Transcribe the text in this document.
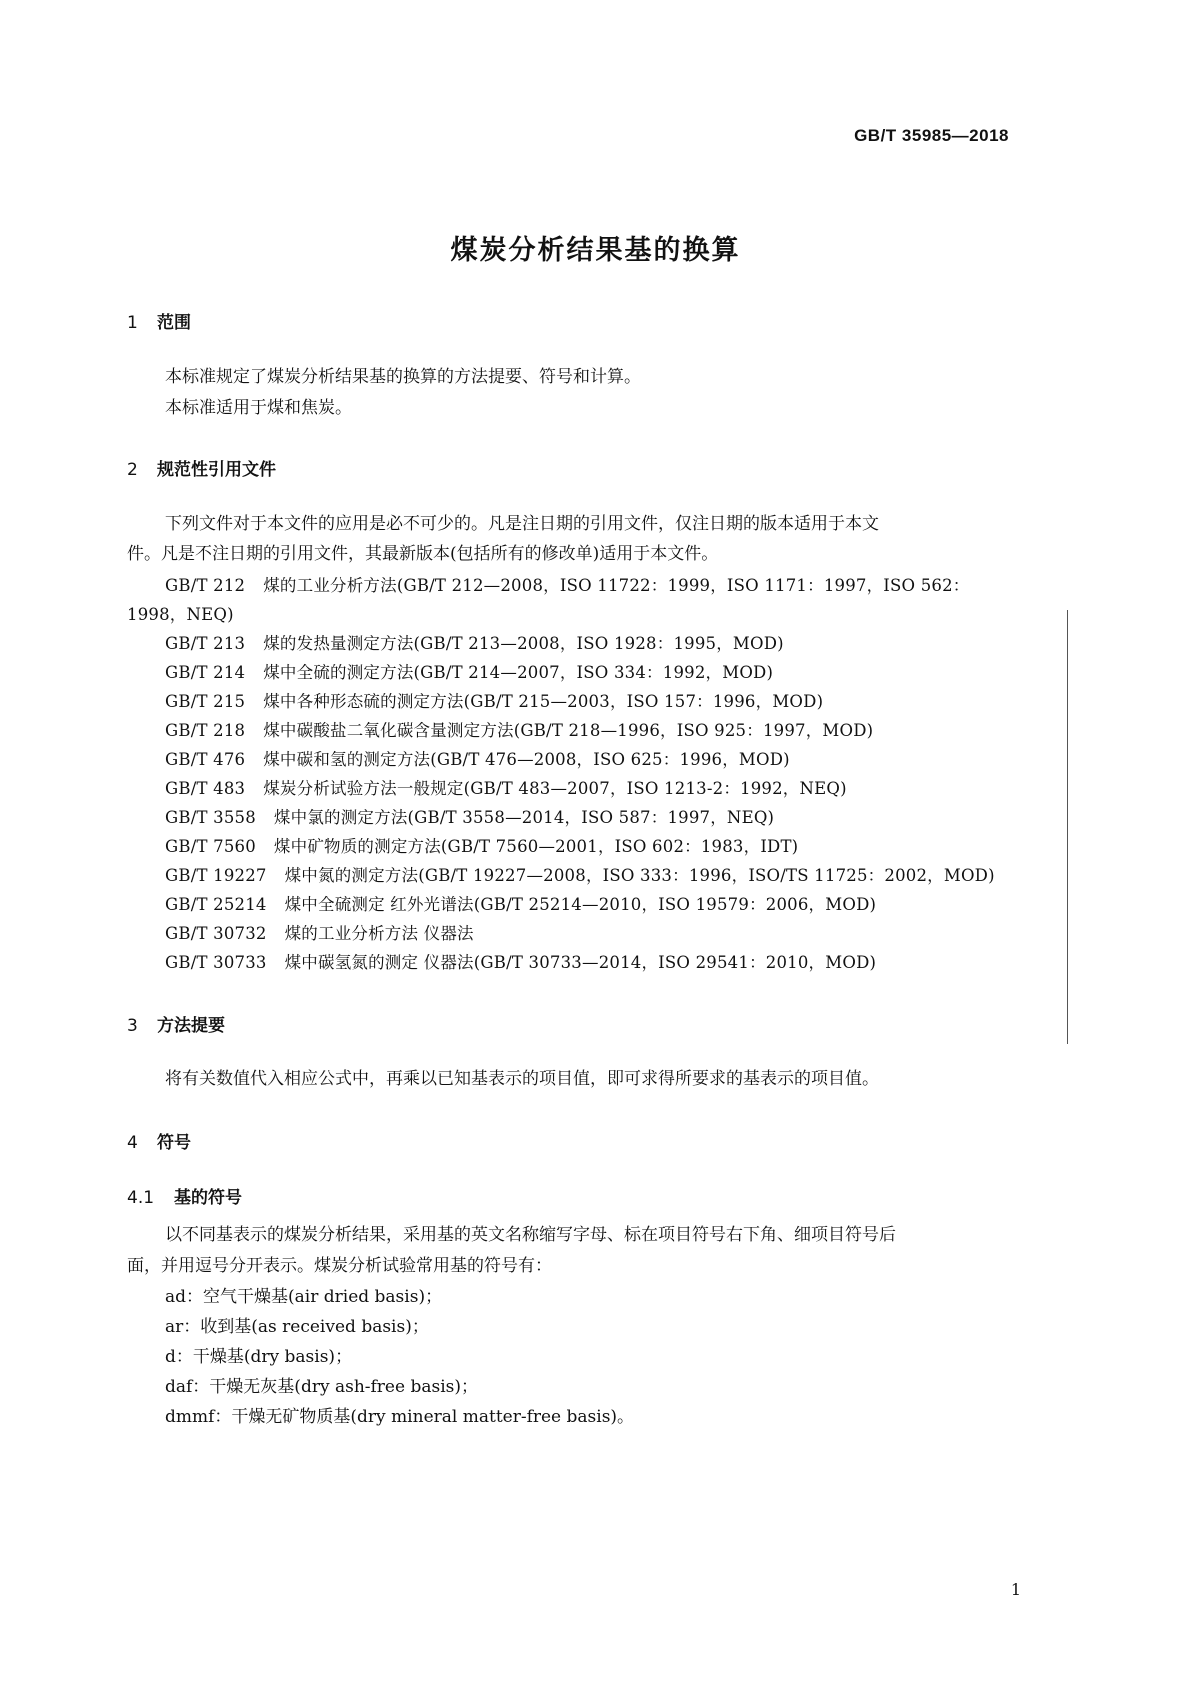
GB/T 35985—2018
煤炭分析结果基的换算
1 范围
本标准规定了煤炭分析结果基的换算的方法提要、符号和计算。
本标准适用于煤和焦炭。
2 规范性引用文件
下列文件对于本文件的应用是必不可少的。凡是注日期的引用文件，仅注日期的版本适用于本文
件。凡是不注日期的引用文件，其最新版本(包括所有的修改单)适用于本文件。
GB/T 212 煤的工业分析方法(GB/T 212—2008，ISO 11722：1999，ISO 1171：1997，ISO 562：
1998，NEQ)
GB/T 213 煤的发热量测定方法(GB/T 213—2008，ISO 1928：1995，MOD)
GB/T 214 煤中全硫的测定方法(GB/T 214—2007，ISO 334：1992，MOD)
GB/T 215 煤中各种形态硫的测定方法(GB/T 215—2003，ISO 157：1996，MOD)
GB/T 218 煤中碳酸盐二氧化碳含量测定方法(GB/T 218—1996，ISO 925：1997，MOD)
GB/T 476 煤中碳和氢的测定方法(GB/T 476—2008，ISO 625：1996，MOD)
GB/T 483 煤炭分析试验方法一般规定(GB/T 483—2007，ISO 1213-2：1992，NEQ)
GB/T 3558 煤中氯的测定方法(GB/T 3558—2014，ISO 587：1997，NEQ)
GB/T 7560 煤中矿物质的测定方法(GB/T 7560—2001，ISO 602：1983，IDT)
GB/T 19227 煤中氮的测定方法(GB/T 19227—2008，ISO 333：1996，ISO/TS 11725：2002，MOD)
GB/T 25214 煤中全硫测定 红外光谱法(GB/T 25214—2010，ISO 19579：2006，MOD)
GB/T 30732 煤的工业分析方法 仪器法
GB/T 30733 煤中碳氢氮的测定 仪器法(GB/T 30733—2014，ISO 29541：2010，MOD)
3 方法提要
将有关数值代入相应公式中，再乘以已知基表示的项目值，即可求得所要求的基表示的项目值。
4 符号
4.1 基的符号
以不同基表示的煤炭分析结果，采用基的英文名称缩写字母、标在项目符号右下角、细项目符号后
面，并用逗号分开表示。煤炭分析试验常用基的符号有：
ad：空气干燥基(air dried basis)；
ar：收到基(as received basis)；
d：干燥基(dry basis)；
daf：干燥无灰基(dry ash-free basis)；
dmmf：干燥无矿物质基(dry mineral matter-free basis)。
1
